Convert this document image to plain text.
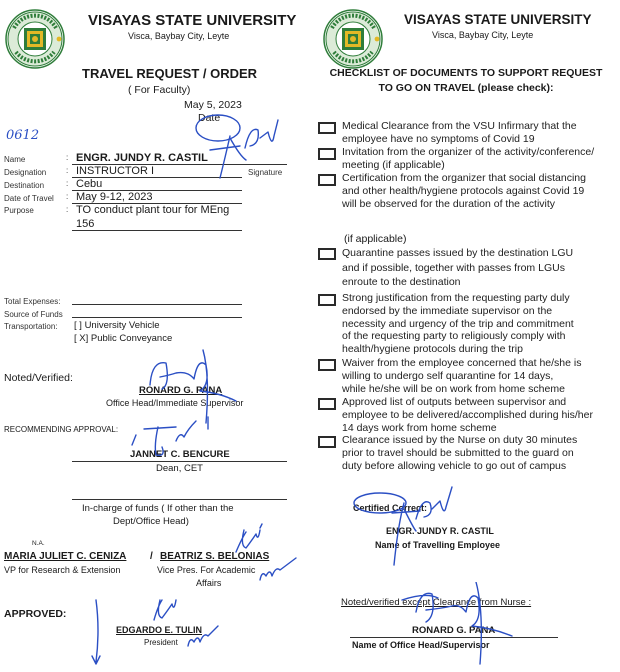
VISAYAS STATE UNIVERSITY
Visca, Baybay City, Leyte
TRAVEL REQUEST / ORDER
( For Faculty)
May 5, 2023
Date
0612
Name	: ENGR. JUNDY R. CASTIL
Designation : INSTRUCTOR I	Signature
Destination	: Cebu
Date of Travel : May 9-12, 2023
Purpose	: TO conduct plant tour for MEng
156
Total Expenses:
Source of Funds
Transportation: [ ] University Vehicle
[ X] Public Conveyance
Noted/Verified:
RONARD G. PANA
Office Head/Immediate Supervisor
RECOMMENDING APPROVAL:
JANNET C. BENCURE
Dean, CET
In-charge of funds ( If other than the
Dept/Office Head)
N.A.
MARIA JULIET C. CENIZA / BEATRIZ S. BELONIAS
VP for Research & Extension	Vice Pres. For Academic
Affairs
APPROVED:
EDGARDO E. TULIN
President
VISAYAS STATE UNIVERSITY
Visca, Baybay City, Leyte
CHECKLIST OF DOCUMENTS TO SUPPORT REQUEST
TO GO ON TRAVEL (please check):
Medical Clearance from the VSU Infirmary that the
employee have no symptoms of Covid 19
Invitation from the organizer of the activity/conference/
meeting (if applicable)
Certification from the organizer that social distancing
and other health/hygiene protocols against Covid 19
will be observed for the duration of the activity
(if applicable)
Quarantine passes issued by the destination LGU
and if possible, together with passes from LGUs
enroute to the destination
Strong justification from the requesting party duly
endorsed by the immediate supervisor on the
necessity and urgency of the trip and commitment
of the requesting party to religiously comply with
health/hygiene protocols during the trip
Waiver from the employee concerned that he/she is
willing to undergo self quarantine for 14 days,
while he/she will be on work from home scheme
Approved list of outputs between supervisor and
employee to be delivered/accomplished during his/her
14 days work from home scheme
Clearance issued by the Nurse on duty 30 minutes
prior to travel should be submitted to the guard on
duty before allowing vehicle to go out of campus
Certified Correct:
ENGR. JUNDY R. CASTIL
Name of Travelling Employee
Noted/verified except Clearance from Nurse :
RONARD G. PANA
Name of Office Head/Supervisor
